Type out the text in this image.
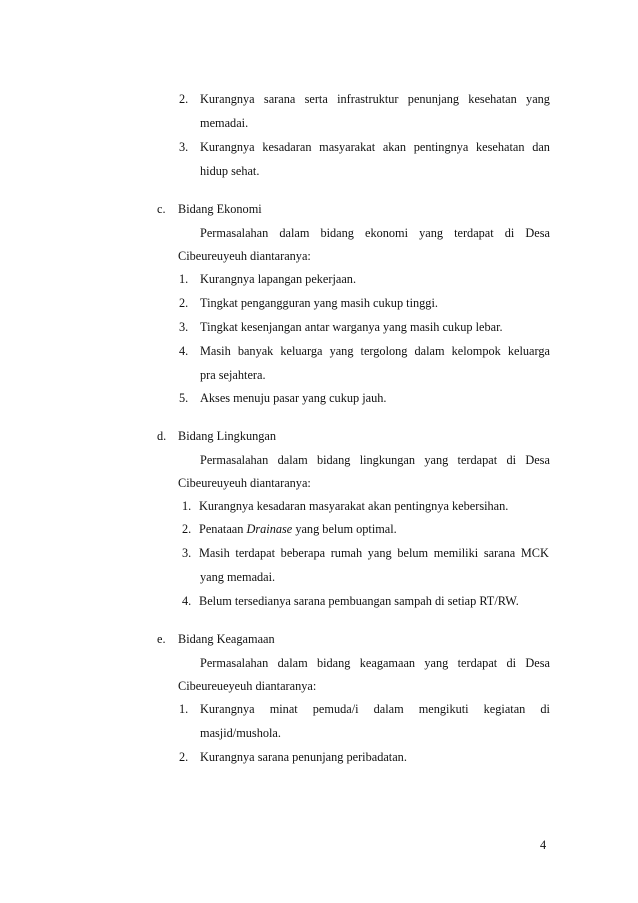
2. Kurangnya sarana serta infrastruktur penunjang kesehatan yang
memadai.
3. Kurangnya kesadaran masyarakat akan pentingnya kesehatan dan
hidup sehat.
c. Bidang Ekonomi
Permasalahan dalam bidang ekonomi yang terdapat di Desa
Cibeureuyeuh diantaranya:
1. Kurangnya lapangan pekerjaan.
2. Tingkat pengangguran yang masih cukup tinggi.
3. Tingkat kesenjangan antar warganya yang masih cukup lebar.
4. Masih banyak keluarga yang tergolong dalam kelompok keluarga
pra sejahtera.
5. Akses menuju pasar yang cukup jauh.
d. Bidang Lingkungan
Permasalahan dalam bidang lingkungan yang terdapat di Desa
Cibeureuyeuh diantaranya:
1. Kurangnya kesadaran masyarakat akan pentingnya kebersihan.
2. Penataan Drainase yang belum optimal.
3. Masih terdapat beberapa rumah yang belum memiliki sarana MCK
yang memadai.
4. Belum tersedianya sarana pembuangan sampah di setiap RT/RW.
e. Bidang Keagamaan
Permasalahan dalam bidang keagamaan yang terdapat di Desa
Cibeureueyeuh diantaranya:
1. Kurangnya minat pemuda/i dalam mengikuti kegiatan di
masjid/mushola.
2. Kurangnya sarana penunjang peribadatan.
4
